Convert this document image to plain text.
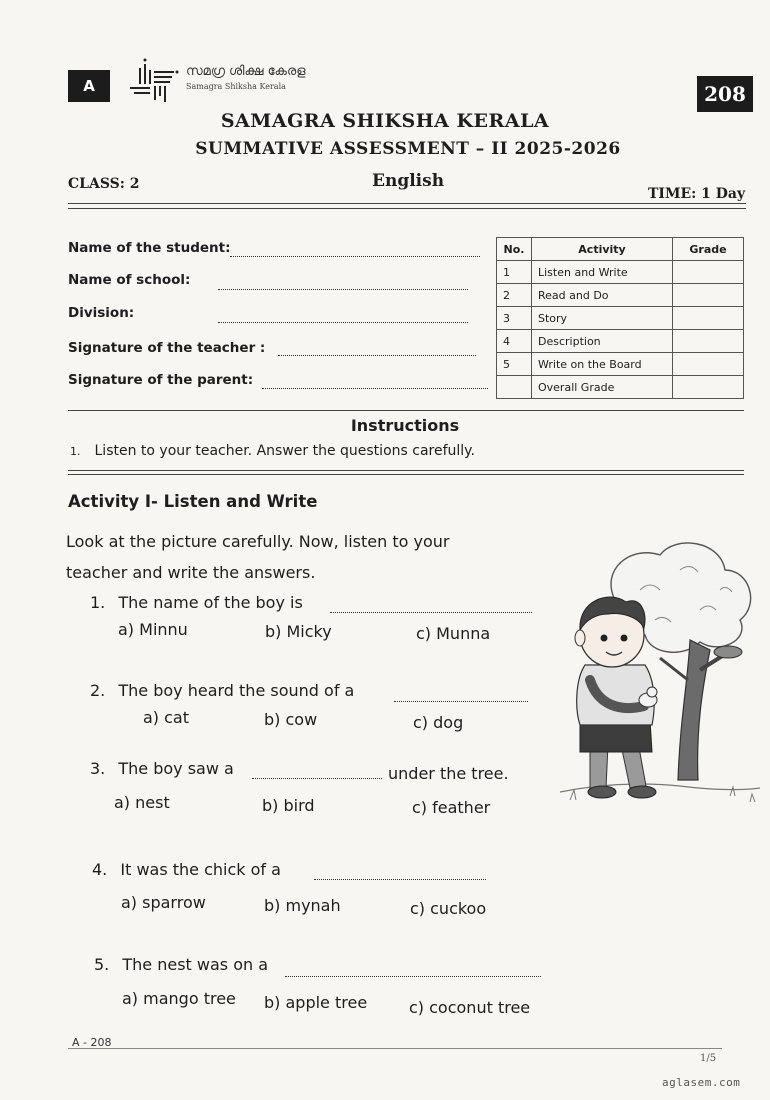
A
സമഗ്ര ശിക്ഷ കേരള
Samagra Shiksha Kerala	208
SAMAGRA SHIKSHA KERALA
SUMMATIVE ASSESSMENT – II 2025-2026
CLASS: 2	English
TIME: 1 Day
Name of the student:
Name of school:
Division:
Signature of the teacher :
Signature of the parent:
No.	Activity	Grade
1	Listen and Write	
2	Read and Do	
3	Story	
4	Description	
5	Write on the Board	
	Overall Grade	
Instructions
1. Listen to your teacher. Answer the questions carefully.
Activity I- Listen and Write
Look at the picture carefully. Now, listen to your
teacher and write the answers.
1. The name of the boy is
a) Minnu	b) Micky	c) Munna
2. The boy heard the sound of a
a) cat	b) cow	c) dog
3. The boy saw a	under the tree.
a) nest	b) bird	c) feather
4. It was the chick of a
a) sparrow	b) mynah	c) cuckoo
5. The nest was on a
a) mango tree b) apple tree	c) coconut tree
A - 208
1/5
aglasem.com
